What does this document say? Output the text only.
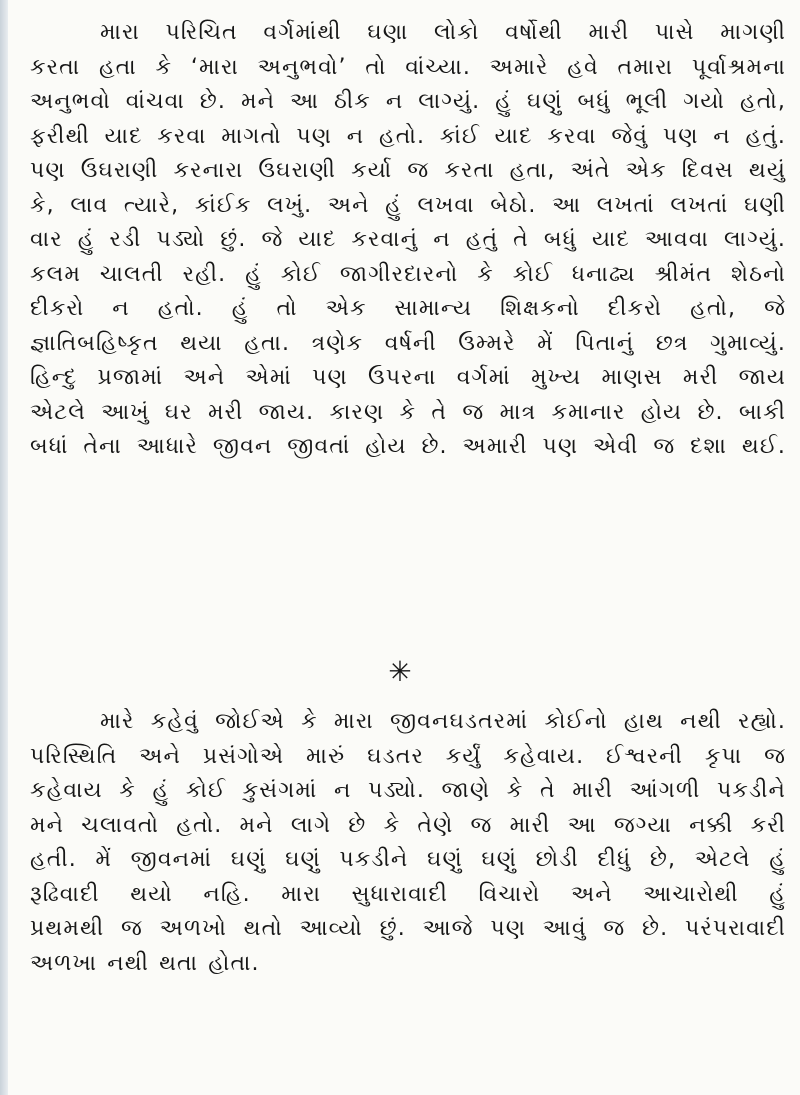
મારા પરિચિત વર્ગમાંથી ઘણા લોકો વર્ષોથી મારી પાસે માગણી
કરતા હતા કે ‘મારા અનુભવો’ તો વાંચ્યા. અમારે હવે તમારા પૂર્વાશ્રમના
અનુભવો વાંચવા છે. મને આ ઠીક ન લાગ્યું. હું ઘણું બધું ભૂલી ગયો હતો,
ફરીથી યાદ કરવા માગતો પણ ન હતો. કાંઈ યાદ કરવા જેવું પણ ન હતું.
પણ ઉઘરાણી કરનારા ઉઘરાણી કર્યા જ કરતા હતા, અંતે એક દિવસ થયું
કે, લાવ ત્યારે, કાંઈક લખું. અને હું લખવા બેઠો. આ લખતાં લખતાં ઘણી
વાર હું રડી પડ્યો છું. જે યાદ કરવાનું ન હતું તે બધું યાદ આવવા લાગ્યું.
કલમ ચાલતી રહી. હું કોઈ જાગીરદારનો કે કોઈ ધનાઢ્ય શ્રીમંત શેઠનો
દીકરો ન હતો. હું તો એક સામાન્ય શિક્ષકનો દીકરો હતો, જે
જ્ઞાતિબહિષ્કૃત થયા હતા. ત્રણેક વર્ષની ઉમ્મરે મેં પિતાનું છત્ર ગુમાવ્યું.
હિન્દુ પ્રજામાં અને એમાં પણ ઉપરના વર્ગમાં મુખ્ય માણસ મરી જાય
એટલે આખું ઘર મરી જાય. કારણ કે તે જ માત્ર કમાનાર હોય છે. બાકી
બધાં તેના આધારે જીવન જીવતાં હોય છે. અમારી પણ એવી જ દશા થઈ.
✳
મારે કહેવું જોઈએ કે મારા જીવનઘડતરમાં કોઈનો હાથ નથી રહ્યો.
પરિસ્થિતિ અને પ્રસંગોએ મારું ઘડતર કર્યું કહેવાય. ઈશ્વરની કૃપા જ
કહેવાય કે હું કોઈ કુસંગમાં ન પડ્યો. જાણે કે તે મારી આંગળી પકડીને
મને ચલાવતો હતો. મને લાગે છે કે તેણે જ મારી આ જગ્યા નક્કી કરી
હતી. મેં જીવનમાં ઘણું ઘણું પકડીને ઘણું ઘણું છોડી દીધું છે, એટલે હું
રૂઢિવાદી થયો નહિ. મારા સુધારાવાદી વિચારો અને આચારોથી હું
પ્રથમથી જ અળખો થતો આવ્યો છું. આજે પણ આવું જ છે. પરંપરાવાદી
અળખા નથી થતા હોતા.
